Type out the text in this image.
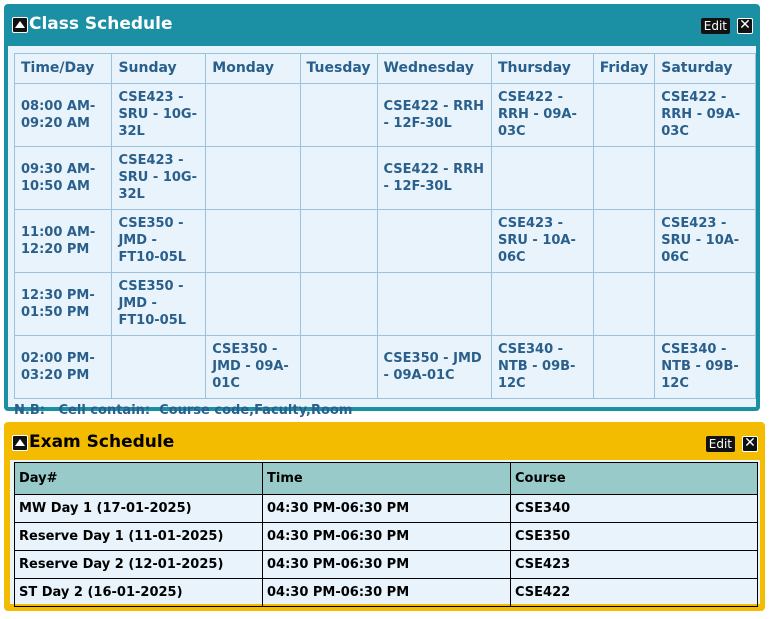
Class Schedule	Edit ✕
Time/Day	Sunday	Monday	Tuesday	Wednesday	Thursday	Friday	Saturday
08:00 AM-09:20 AM	CSE423 - SRU - 10G-32L			CSE422 - RRH - 12F-30L	CSE422 - RRH - 09A-03C		CSE422 - RRH - 09A-03C
09:30 AM-10:50 AM	CSE423 - SRU - 10G-32L			CSE422 - RRH - 12F-30L			
11:00 AM-12:20 PM	CSE350 - JMD - FT10-05L				CSE423 - SRU - 10A-06C		CSE423 - SRU - 10A-06C
12:30 PM-01:50 PM	CSE350 - JMD - FT10-05L						
02:00 PM-03:20 PM		CSE350 - JMD - 09A-01C		CSE350 - JMD - 09A-01C	CSE340 - NTB - 09B-12C		CSE340 - NTB - 09B-12C
N.B: Cell contain:  Course code,Faculty,Room
Exam Schedule	Edit ✕
Day#	Time	Course
MW Day 1 (17-01-2025)	04:30 PM-06:30 PM	CSE340
Reserve Day 1 (11-01-2025)	04:30 PM-06:30 PM	CSE350
Reserve Day 2 (12-01-2025)	04:30 PM-06:30 PM	CSE423
ST Day 2 (16-01-2025)	04:30 PM-06:30 PM	CSE422
